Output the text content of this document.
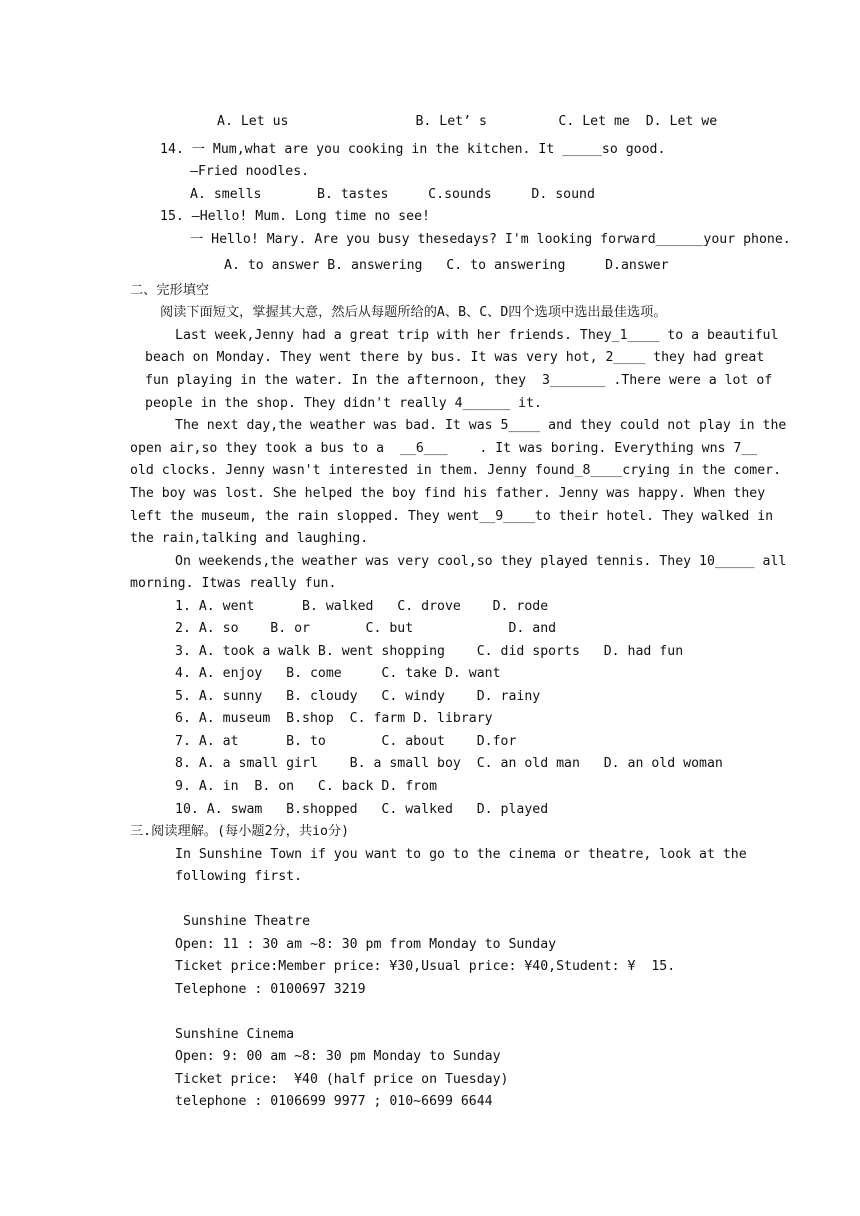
A. Let us                B. Let’ s         C. Let me  D. Let we
14. 一 Mum,what are you cooking in the kitchen. It _____so good.
—Fried noodles.
A. smells       B. tastes     C.sounds     D. sound
15. —Hello! Mum. Long time no see!
一 Hello! Mary. Are you busy thesedays? I'm looking forward______your phone.
A. to answer B. answering   C. to answering     D.answer
二、完形填空
阅读下面短文，掌握其大意，然后从每题所给的A、B、C、D四个选项中选出最佳选项。
Last week,Jenny had a great trip with her friends. They_1____ to a beautiful
beach on Monday. They went there by bus. It was very hot, 2____ they had great
fun playing in the water. In the afternoon, they  3_______ .There were a lot of
people in the shop. They didn't really 4______ it.
The next day,the weather was bad. It was 5____ and they could not play in the
open air,so they took a bus to a  __6___    . It was boring. Everything wns 7__
old clocks. Jenny wasn't interested in them. Jenny found_8____crying in the comer.
The boy was lost. She helped the boy find his father. Jenny was happy. When they
left the museum, the rain slopped. They went__9____to their hotel. They walked in
the rain,talking and laughing.
On weekends,the weather was very cool,so they played tennis. They 10_____ all
morning. Itwas really fun.
1. A. went      B. walked   C. drove    D. rode
2. A. so    B. or       C. but            D. and
3. A. took a walk B. went shopping    C. did sports   D. had fun
4. A. enjoy   B. come     C. take D. want
5. A. sunny   B. cloudy   C. windy    D. rainy
6. A. museum  B.shop  C. farm D. library
7. A. at      B. to       C. about    D.for
8. A. a small girl    B. a small boy  C. an old man   D. an old woman
9. A. in  B. on   C. back D. from
10. A. swam   B.shopped   C. walked   D. played
三.阅读理解。(每小题2分，共io分)
In Sunshine Town if you want to go to the cinema or theatre, look at the
following first.
Sunshine Theatre
Open: 11 : 30 am ~8: 30 pm from Monday to Sunday
Ticket price:Member price: ¥30,Usual price: ¥40,Student: ¥  15.
Telephone : 0100697 3219
Sunshine Cinema
Open: 9: 00 am ~8: 30 pm Monday to Sunday
Ticket price:  ¥40 (half price on Tuesday)
telephone : 0106699 9977 ; 010~6699 6644
